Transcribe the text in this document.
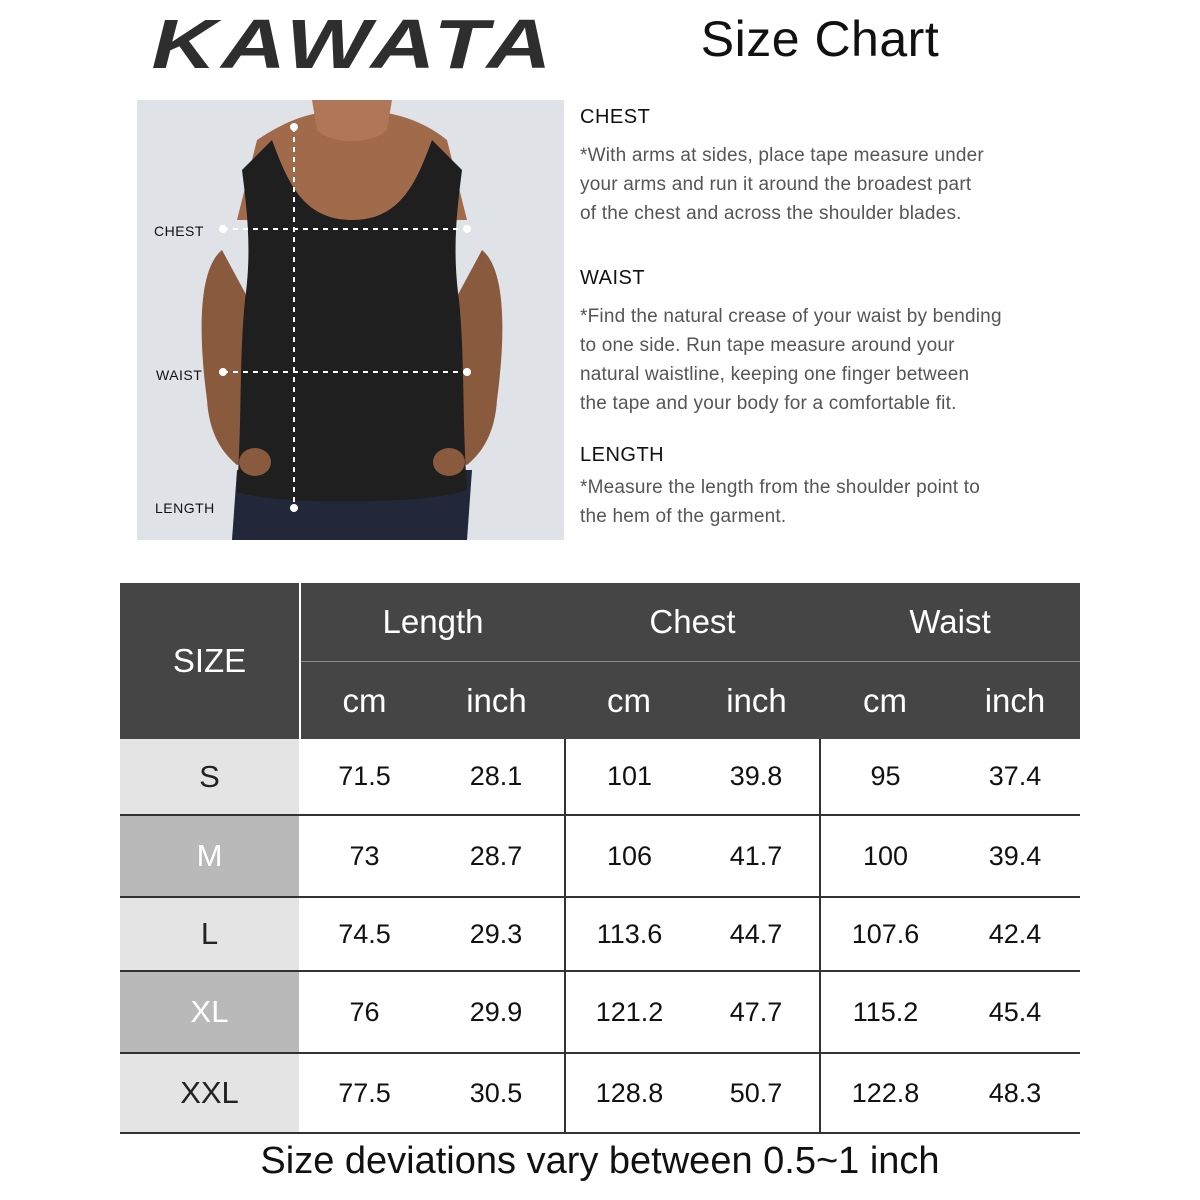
KAWATA	Size Chart
CHEST
WAIST
LENGTH
CHEST
*With arms at sides, place tape measure under
your arms and run it around the broadest part
of the chest and across the shoulder blades.
WAIST
*Find the natural crease of your waist by bending
to one side. Run tape measure around your
natural waistline, keeping one finger between
the tape and your body for a comfortable fit.
LENGTH
*Measure the length from the shoulder point to
the hem of the garment.
SIZE	Length		Chest		Waist	
	cm	inch	cm	inch	cm	inch
S	71.5	28.1	101	39.8	95	37.4
M	73	28.7	106	41.7	100	39.4
L	74.5	29.3	113.6	44.7	107.6	42.4
XL	76	29.9	121.2	47.7	115.2	45.4
XXL	77.5	30.5	128.8	50.7	122.8	48.3
Size deviations vary between 0.5~1 inch
